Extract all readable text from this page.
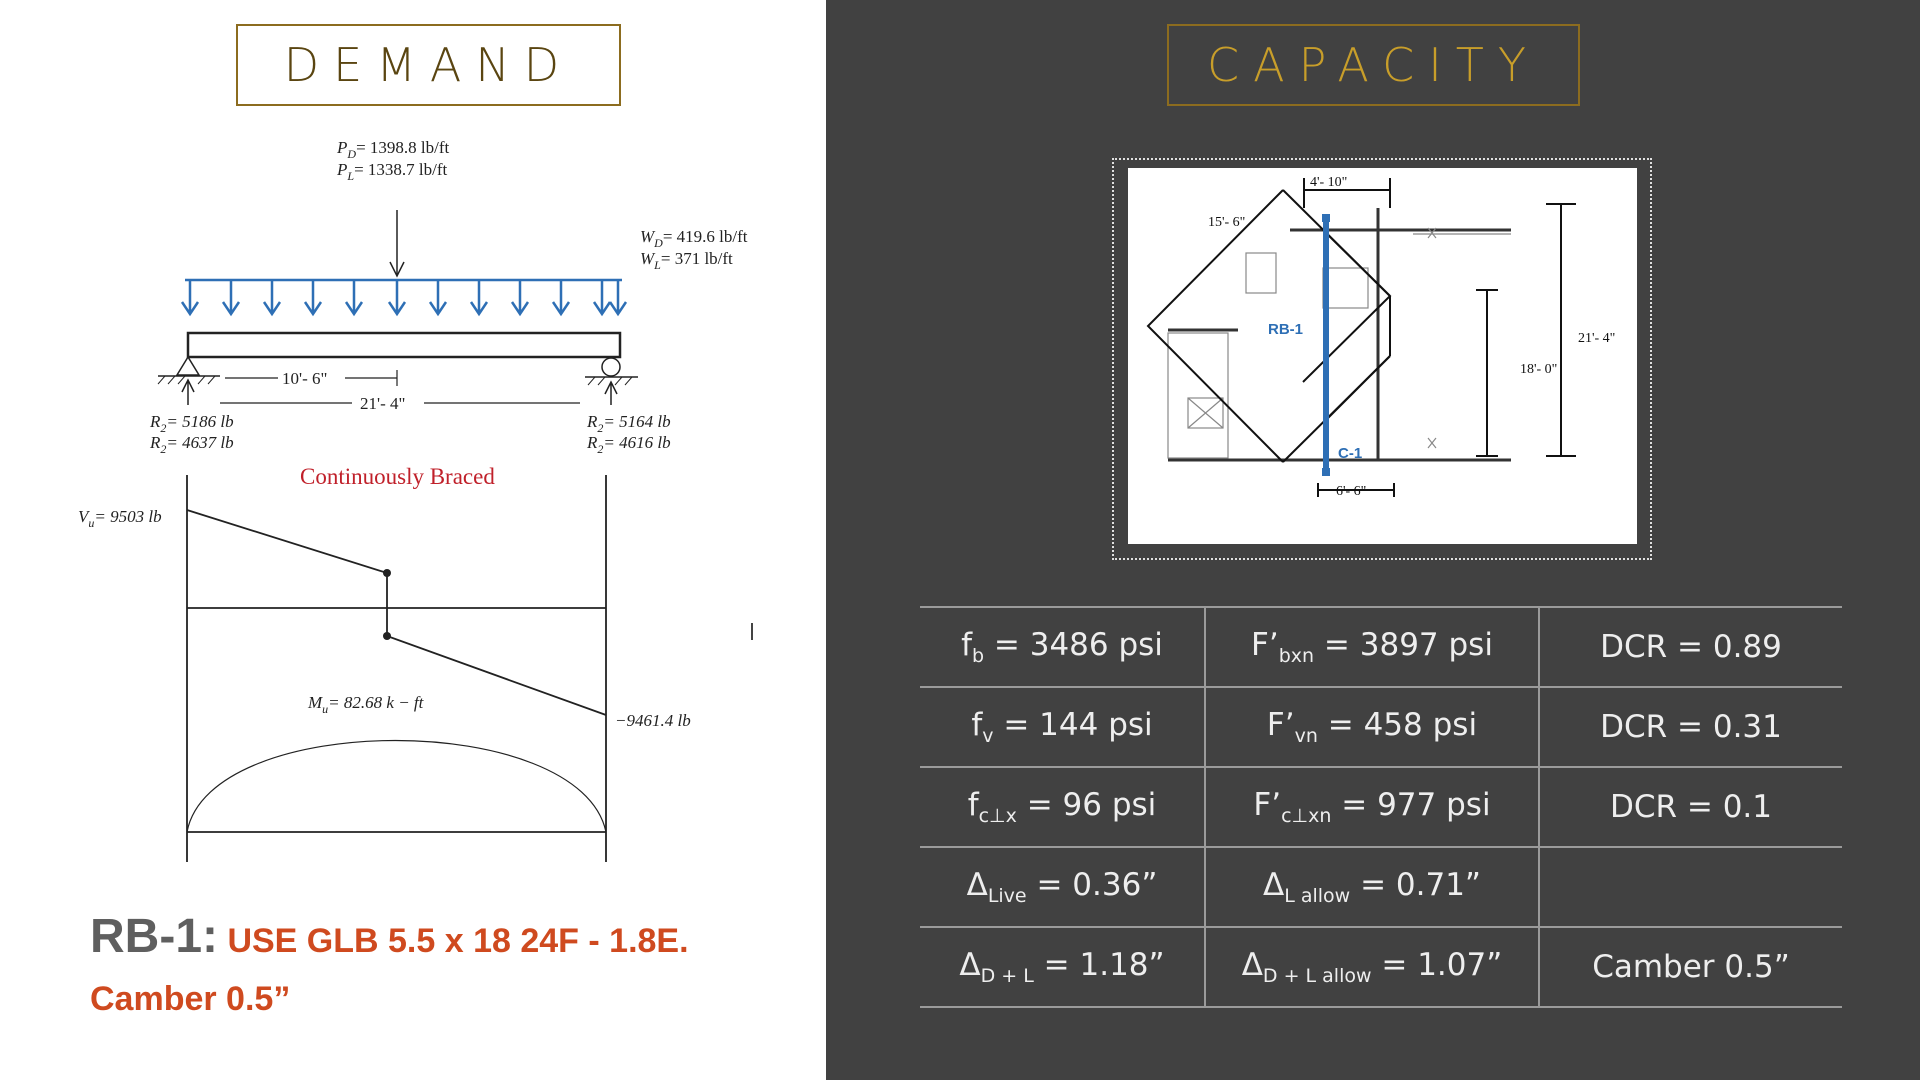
DEMAND	CAPACITY
$P_D= 1398.8$ lb/ft
$P_L= 1338.7$ lb/ft
$W_D= 419.6$ lb/ft
$W_L= 371$ lb/ft
10'- 6"
21'- 4"
$R_2= 5186$ lb
$R_2= 4637$ lb
$R_2= 5164$ lb
$R_2= 4616$ lb
Continuously Braced
$V_u= 9503$ lb
−9461.4 lb
$M_u= 82.68$ k − ft
4'- 10"
15'- 6"
18'- 0"
21'- 4"
6'- 6"
RB-1
C-1
RB-1: USE GLB 5.5 x 18 24F - 1.8E.
Camber 0.5”
$f_b = 3486$ psi	$F’_{bxn} = 3897$ psi	DCR = 0.89
$f_v = 144$ psi	$F’_{vn} = 458$ psi	DCR = 0.31
$f_{c\perp x} = 96$ psi	$F’_{c\perp xn} = 977$ psi	DCR = 0.1
$\Delta_{Live} = 0.36$”	$\Delta_{L allow} = 0.71$”	
$\Delta_{D + L} = 1.18$”	$\Delta_{D + L allow} = 1.07$”	Camber 0.5”
